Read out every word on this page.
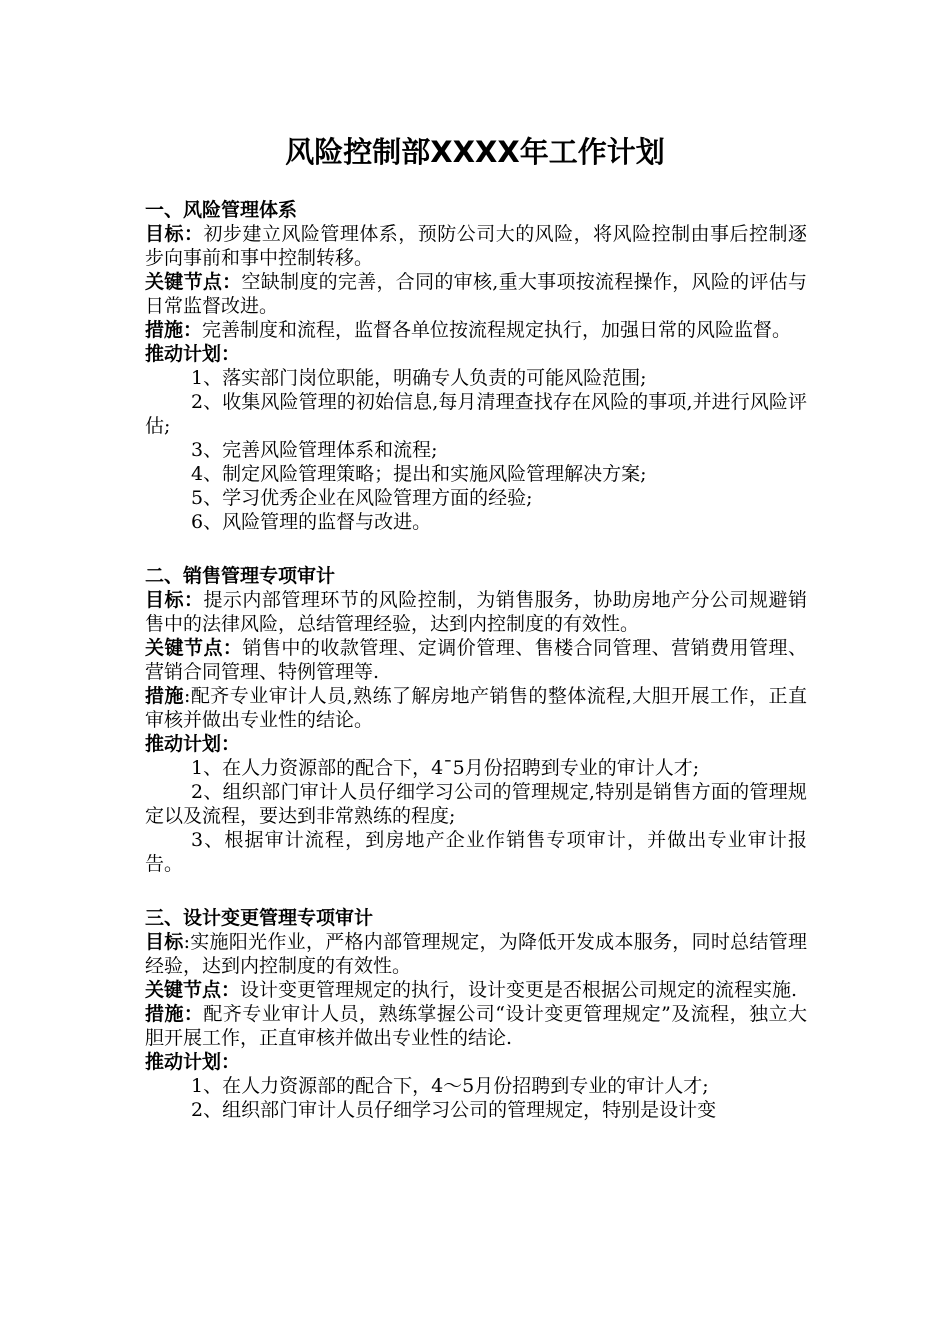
风险控制部XXXX年工作计划

一、风险管理体系

目标：初步建立风险管理体系，预防公司大的风险，将风险控制由事后控制逐步向事前和事中控制转移。

关键节点：空缺制度的完善，合同的审核,重大事项按流程操作，风险的评估与日常监督改进。

措施：完善制度和流程，监督各单位按流程规定执行，加强日常的风险监督。

推动计划：

1、落实部门岗位职能，明确专人负责的可能风险范围;

2、收集风险管理的初始信息,每月清理查找存在风险的事项,并进行风险评估;

3、完善风险管理体系和流程;

4、制定风险管理策略；提出和实施风险管理解决方案;

5、学习优秀企业在风险管理方面的经验;

6、风险管理的监督与改进。

二、销售管理专项审计

目标：提示内部管理环节的风险控制，为销售服务，协助房地产分公司规避销售中的法律风险，总结管理经验，达到内控制度的有效性。

关键节点：销售中的收款管理、定调价管理、售楼合同管理、营销费用管理、营销合同管理、特例管理等.

措施:配齐专业审计人员,熟练了解房地产销售的整体流程,大胆开展工作，正直审核并做出专业性的结论。

推动计划：

1、在人力资源部的配合下，4¯5月份招聘到专业的审计人才;

2、组织部门审计人员仔细学习公司的管理规定,特别是销售方面的管理规定以及流程，要达到非常熟练的程度;

3、根据审计流程，到房地产企业作销售专项审计，并做出专业审计报告。

三、设计变更管理专项审计

目标:实施阳光作业，严格内部管理规定，为降低开发成本服务，同时总结管理经验，达到内控制度的有效性。

关键节点：设计变更管理规定的执行，设计变更是否根据公司规定的流程实施.

措施：配齐专业审计人员，熟练掌握公司“设计变更管理规定”及流程，独立大胆开展工作，正直审核并做出专业性的结论.

推动计划：

1、在人力资源部的配合下，4～5月份招聘到专业的审计人才;

2、组织部门审计人员仔细学习公司的管理规定，特别是设计变
